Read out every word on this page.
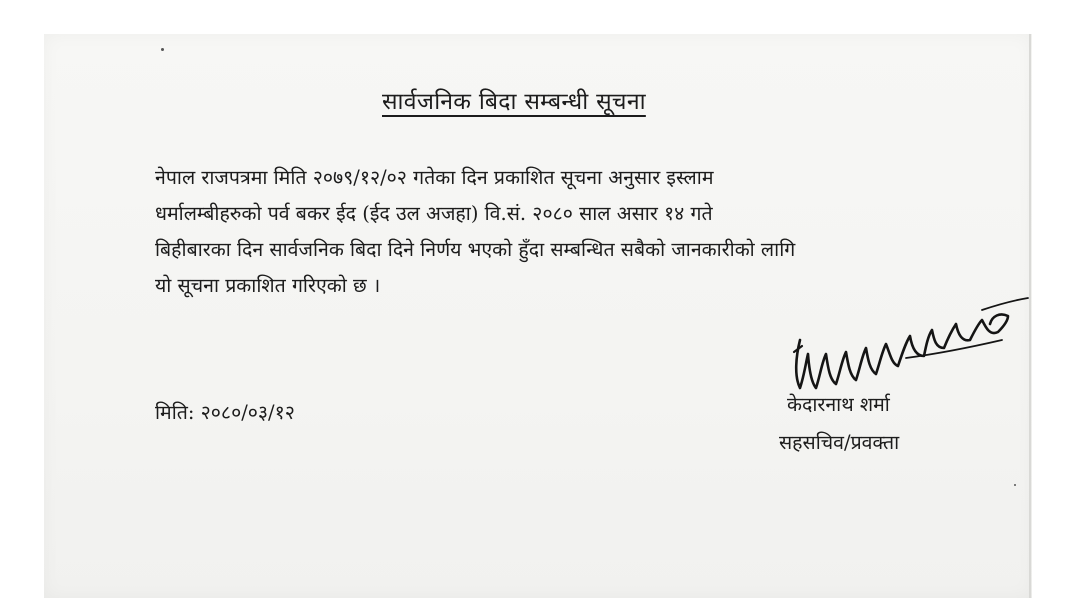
सार्वजनिक बिदा सम्बन्धी सूचना
नेपाल राजपत्रमा मिति २०७९/१२/०२ गतेका दिन प्रकाशित सूचना अनुसार इस्लाम
धर्मालम्बीहरुको पर्व बकर ईद (ईद उल अजहा) वि.सं. २०८० साल असार १४ गते
बिहीबारका दिन सार्वजनिक बिदा दिने निर्णय भएको हुँदा सम्बन्धित सबैको जानकारीको लागि
यो सूचना प्रकाशित गरिएको छ ।
मिति: २०८०/०३/१२	केदारनाथ शर्मा
सहसचिव/प्रवक्ता
